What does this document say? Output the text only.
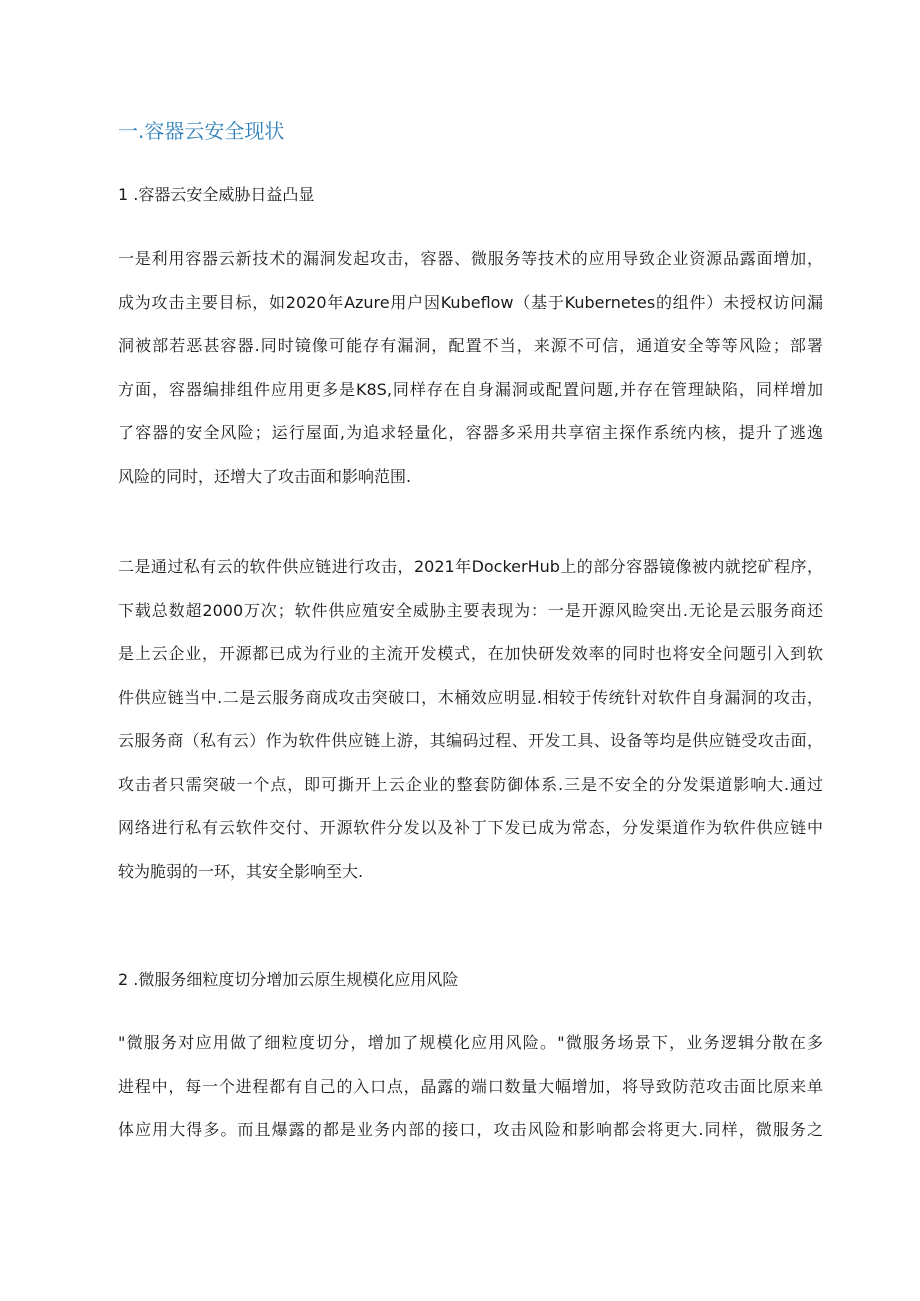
一.容器云安全现状
1 .容器云安全威胁日益凸显
一是利用容器云新技术的漏洞发起攻击，容器、微服务等技术的应用导致企业资源品露面增加，
成为攻击主要目标，如2020年Azure用户因Kubeflow（基于Kubernetes的组件）未授权访问漏
洞被部若恶甚容器.同时镜像可能存有漏洞，配置不当，来源不可信，通道安全等等风险；部署
方面，容器编排组件应用更多是K8S,同样存在自身漏洞或配置问题,并存在管理缺陷，同样增加
了容器的安全风险；运行屋面,为追求轻量化，容器多采用共享宿主探作系统内核，提升了逃逸
风险的同时，还增大了攻击面和影响范围.
二是通过私有云的软件供应链进行攻击，2021年DockerHub上的部分容器镜像被内就挖矿程序，
下载总数超2000万次；软件供应殖安全威胁主要表现为：一是开源风睑突出.无论是云服务商还
是上云企业，开源都已成为行业的主流开发模式，在加快研发效率的同时也将安全问题引入到软
件供应链当中.二是云服务商成攻击突破口，木桶效应明显.相较于传统针对软件自身漏洞的攻击，
云服务商（私有云）作为软件供应链上游，其编码过程、开发工具、设备等均是供应链受攻击面，
攻击者只需突破一个点，即可撕开上云企业的整套防御体系.三是不安全的分发渠道影响大.通过
网络进行私有云软件交付、开源软件分发以及补丁下发已成为常态，分发渠道作为软件供应链中
较为脆弱的一环，其安全影响至大.
2 .微服务细粒度切分增加云原生规模化应用风险
"微服务对应用做了细粒度切分，增加了规模化应用风险。"微服务场景下，业务逻辑分散在多
进程中，每一个进程都有自己的入口点，晶露的端口数量大幅增加，将导致防范攻击面比原来单
体应用大得多。而且爆露的都是业务内部的接口，攻击风险和影响都会将更大.同样，微服务之
